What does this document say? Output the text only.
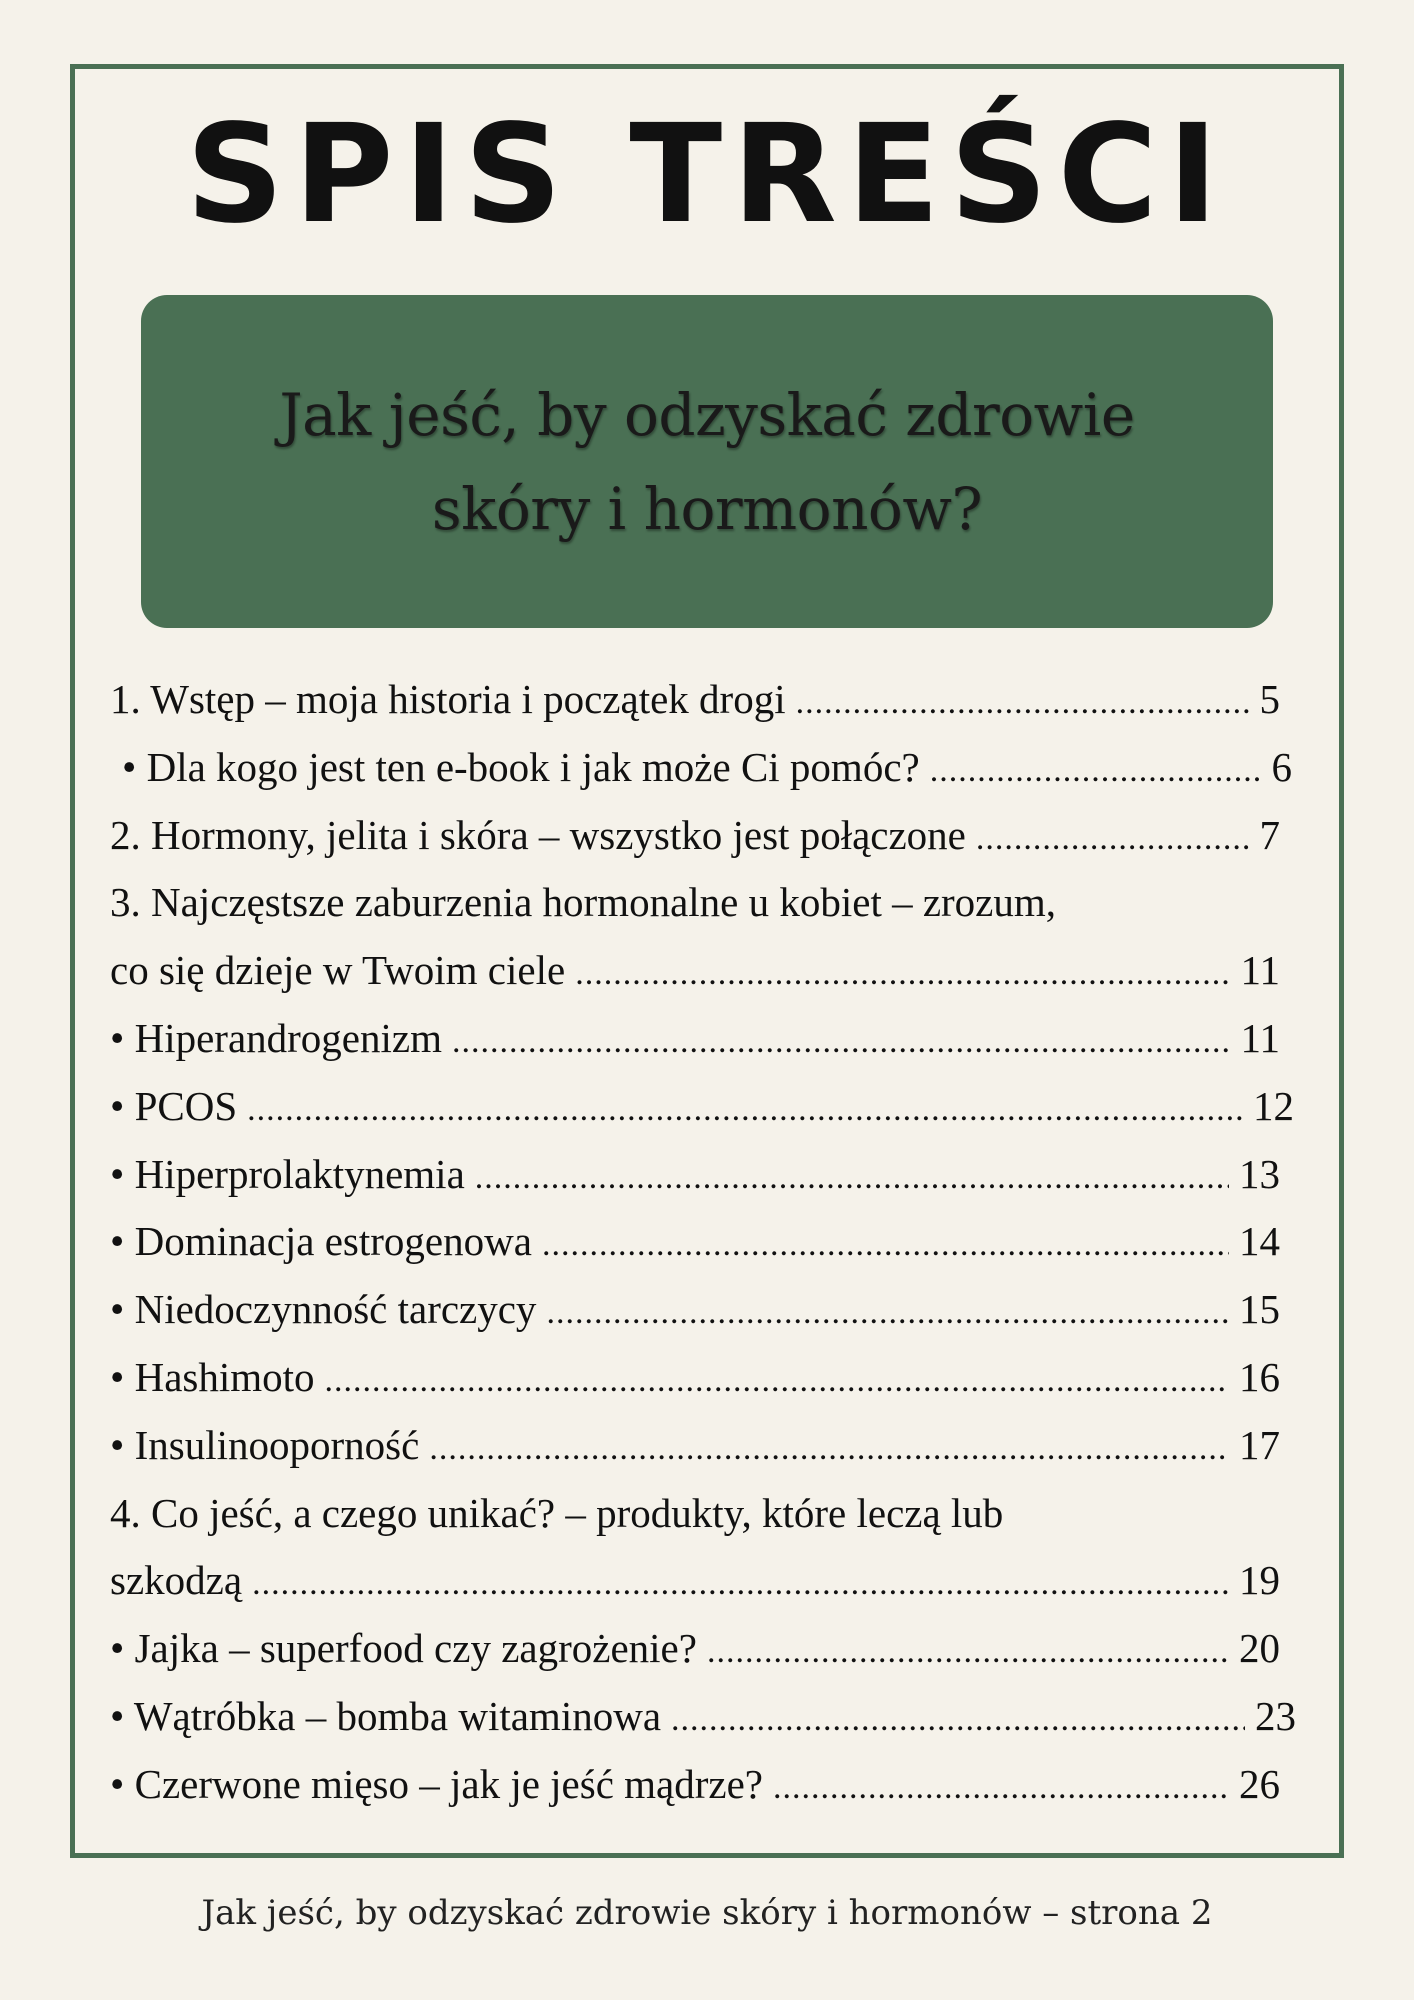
SPIS TREŚCI
Jak jeść, by odzyskać zdrowie
skóry i hormonów?
1. Wstęp – moja historia i początek drogi .....	5
• Dla kogo jest ten e-book i jak może Ci pomóc? .....	6
2. Hormony, jelita i skóra – wszystko jest połączone .....	7
3. Najczęstsze zaburzenia hormonalne u kobiet – zrozum,
co się dzieje w Twoim ciele .....	11
• Hiperandrogenizm .....	11
• PCOS .....	12
• Hiperprolaktynemia .....	13
• Dominacja estrogenowa .....	14
• Niedoczynność tarczycy .....	15
• Hashimoto .....	16
• Insulinooporność .....	17
4. Co jeść, a czego unikać? – produkty, które leczą lub
szkodzą .....	19
• Jajka – superfood czy zagrożenie? .....	20
• Wątróbka – bomba witaminowa .....	23
• Czerwone mięso – jak je jeść mądrze? .....	26

Jak jeść, by odzyskać zdrowie skóry i hormonów – strona 2
